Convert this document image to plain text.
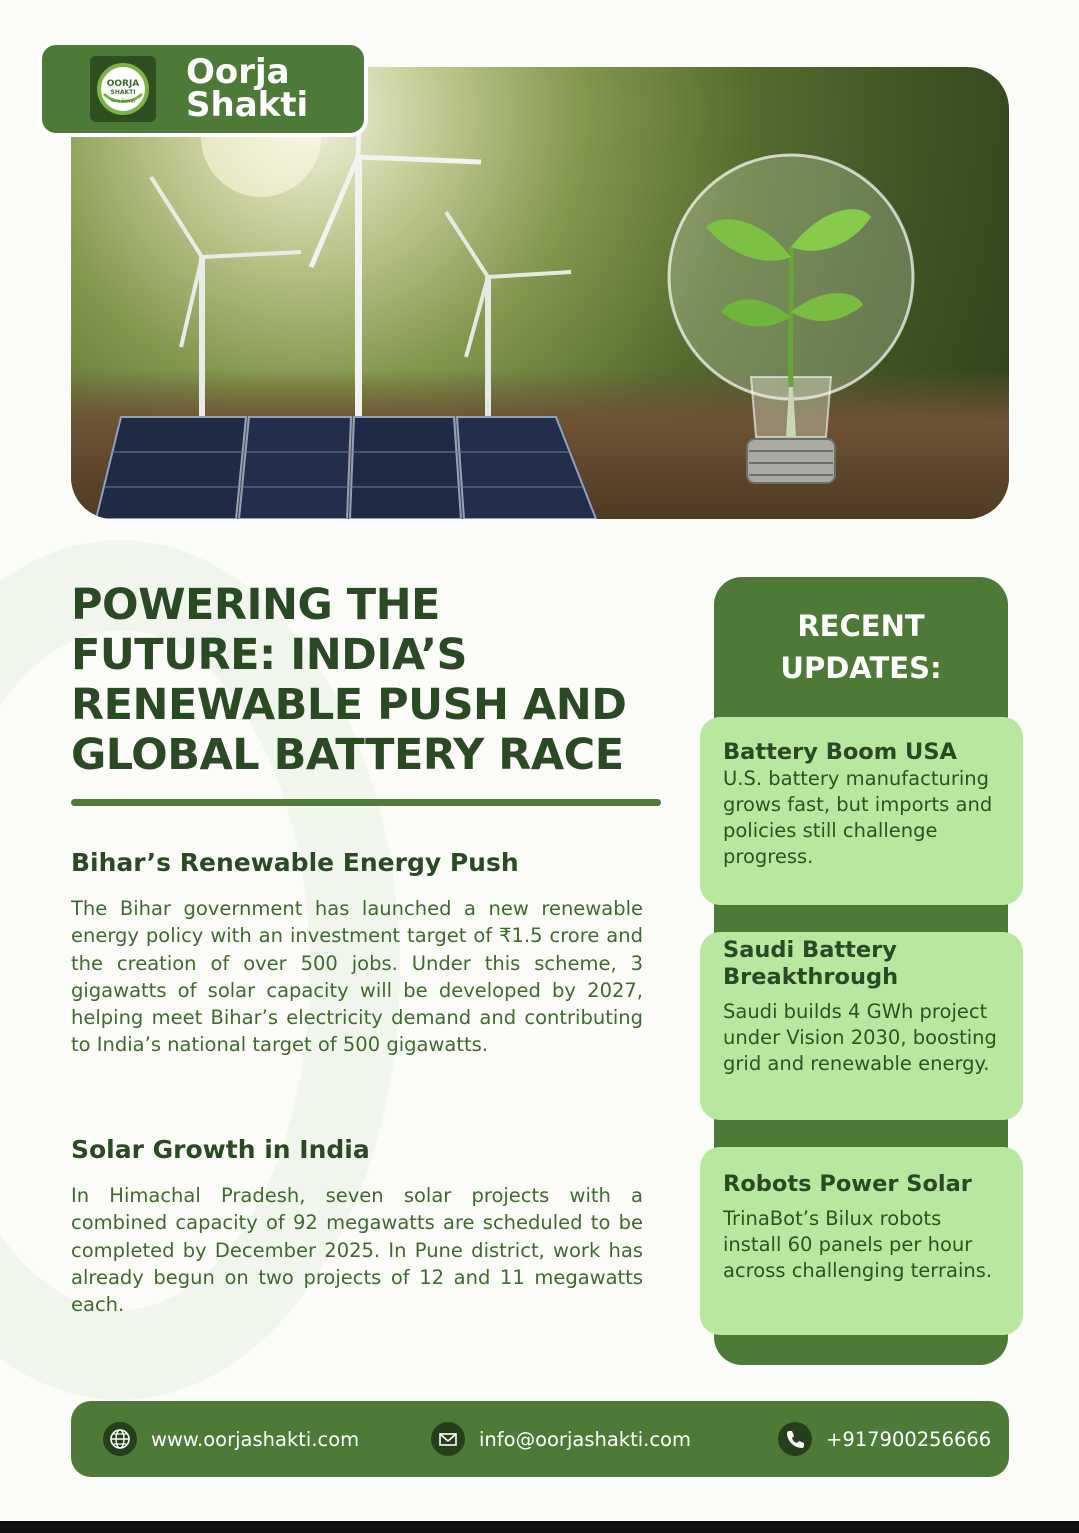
OORJA
SHAKTI
Save Energy
Oorja
Shakti
POWERING THE
FUTURE: INDIA’S
RENEWABLE PUSH AND
GLOBAL BATTERY RACE
Bihar’s Renewable Energy Push

The Bihar government has launched a new renewable energy policy with an investment target of ₹1.5 crore and the creation of over 500 jobs. Under this scheme, 3 gigawatts of solar capacity will be developed by 2027, helping meet Bihar’s electricity demand and contributing to India’s national target of 500 gigawatts.

Solar Growth in India

In Himachal Pradesh, seven solar projects with a combined capacity of 92 megawatts are scheduled to be completed by December 2025. In Pune district, work has already begun on two projects of 12 and 11 megawatts each.

RECENT
UPDATES:
Battery Boom USA
U.S. battery manufacturing grows fast, but imports and policies still challenge progress.
Saudi Battery Breakthrough
Saudi builds 4 GWh project under Vision 2030, boosting grid and renewable energy.
Robots Power Solar
TrinaBot’s Bilux robots install 60 panels per hour across challenging terrains.
www.oorjashakti.com	info@oorjashakti.com	+917900256666
